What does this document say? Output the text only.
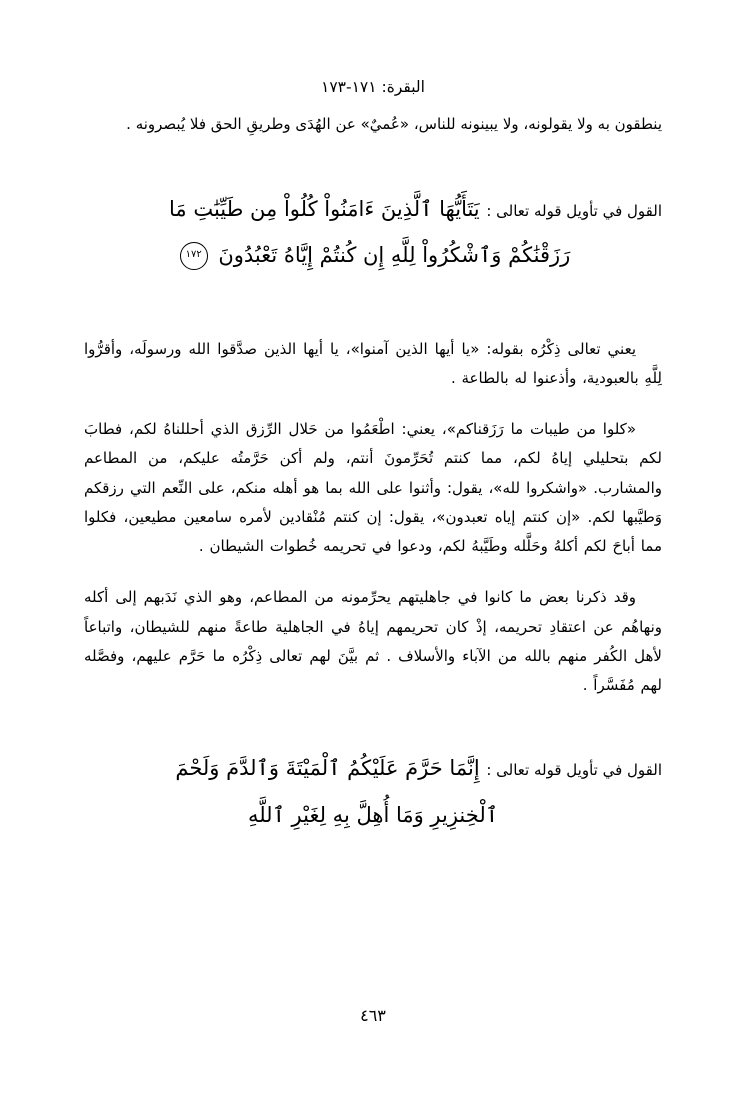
البقرة: ١٧١-١٧٣

ينطقون به ولا يقولونه، ولا يبينونه للناس، «عُميٌ» عن الهُدَى وطريقِ الحق فلا يُبصرونه .

القول في تأويل قوله تعالى : يَتَأَيُّهَا ٱلَّذِينَ ءَامَنُواْ كُلُواْ مِن طَيِّبَٰتِ مَا
رَزَقْنَٰكُمْ وَٱشْكُرُواْ لِلَّهِ إِن كُنتُمْ إِيَّاهُ تَعْبُدُونَ ١٧٢

يعني تعالى ذِكْرُه بقوله: «يا أيها الذين آمنوا»، يا أيها الذين صدَّقوا الله ورسولَه، وأقرُّوا لِلَّهِ بالعبودية، وأذعنوا له بالطاعة .

«كلوا من طيبات ما رَزَقناكم»، يعني: اطْعَمُوا من حَلال الرِّزق الذي أحللناهُ لكم، فطابَ لكم بتحليلي إياهُ لكم، مما كنتم تُحَرِّمونَ أنتم، ولم أكن حَرَّمتُه عليكم، من المطاعم والمشارب. «واشكروا لله»، يقول: وأثنوا على الله بما هو أهله منكم، على النِّعم التي رزقكم وَطيَّبها لكم. «إن كنتم إياه تعبدون»، يقول: إن كنتم مُنْقادين لأمره سامعين مطيعين، فكلوا مما أباحَ لكم أكلهُ وحَلَّله وطَيَّبهُ لكم، ودعوا في تحريمه خُطوات الشيطان .

وقد ذكرنا بعض ما كانوا في جاهليتهم يحرِّمونه من المطاعم، وهو الذي نَدَبهم إلى أكله ونهاهُم عن اعتقادِ تحريمه، إذْ كان تحريمهم إياهُ في الجاهلية طاعةً منهم للشيطان، واتباعاً لأهل الكُفر منهم بالله من الآباء والأسلاف . ثم بيَّنَ لهم تعالى ذِكْرُه ما حَرَّم عليهم، وفصَّله لهم مُفَسَّراً .

القول في تأويل قوله تعالى : إِنَّمَا حَرَّمَ عَلَيْكُمُ ٱلْمَيْتَةَ وَٱلدَّمَ وَلَحْمَ
ٱلْخِنزِيرِ وَمَا أُهِلَّ بِهِ لِغَيْرِ ٱللَّهِ
٤٦٣
